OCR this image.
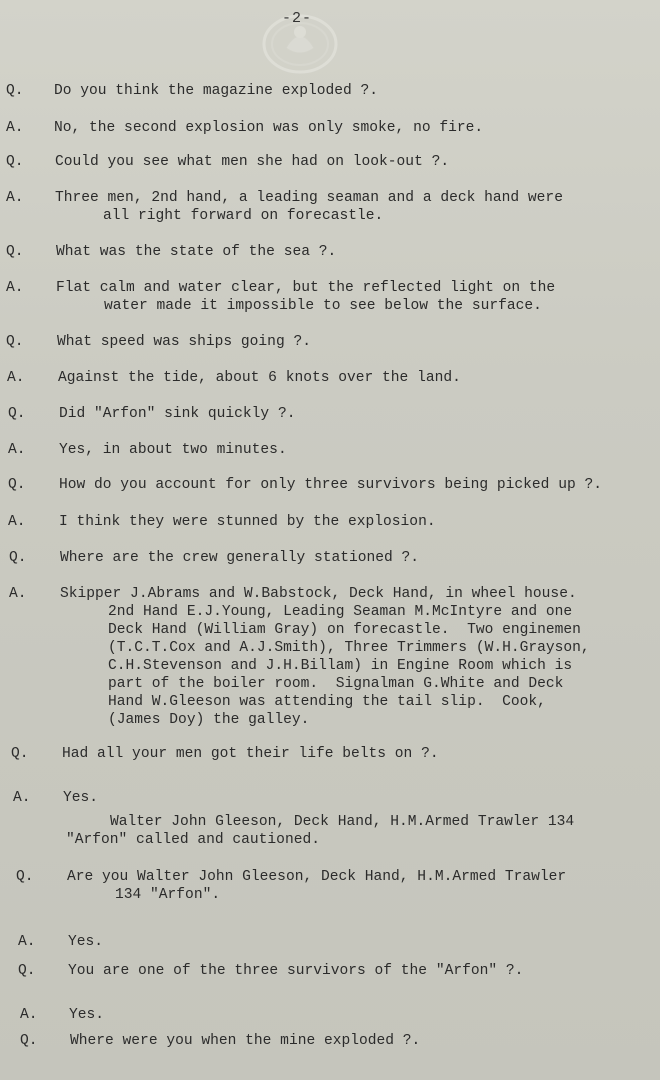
-2-
Q. Do you think the magazine exploded ?.
A. No, the second explosion was only smoke, no fire.
Q. Could you see what men she had on look-out ?.
A. Three men, 2nd hand, a leading seaman and a deck hand were
all right forward on forecastle.
Q. What was the state of the sea ?.
A. Flat calm and water clear, but the reflected light on the
water made it impossible to see below the surface.
Q. What speed was ships going ?.
A. Against the tide, about 6 knots over the land.
Q. Did "Arfon" sink quickly ?.
A. Yes, in about two minutes.
Q. How do you account for only three survivors being picked up ?.
A. I think they were stunned by the explosion.
Q. Where are the crew generally stationed ?.
A. Skipper J.Abrams and W.Babstock, Deck Hand, in wheel house.
2nd Hand E.J.Young, Leading Seaman M.McIntyre and one
Deck Hand (William Gray) on forecastle.  Two enginemen
(T.C.T.Cox and A.J.Smith), Three Trimmers (W.H.Grayson,
C.H.Stevenson and J.H.Billam) in Engine Room which is
part of the boiler room.  Signalman G.White and Deck
Hand W.Gleeson was attending the tail slip.  Cook,
(James Doy) the galley.
Q. Had all your men got their life belts on ?.
A. Yes.
Walter John Gleeson, Deck Hand, H.M.Armed Trawler 134
"Arfon" called and cautioned.
Q. Are you Walter John Gleeson, Deck Hand, H.M.Armed Trawler
134 "Arfon".
A. Yes.
Q. You are one of the three survivors of the "Arfon" ?.
A. Yes.
Q. Where were you when the mine exploded ?.
